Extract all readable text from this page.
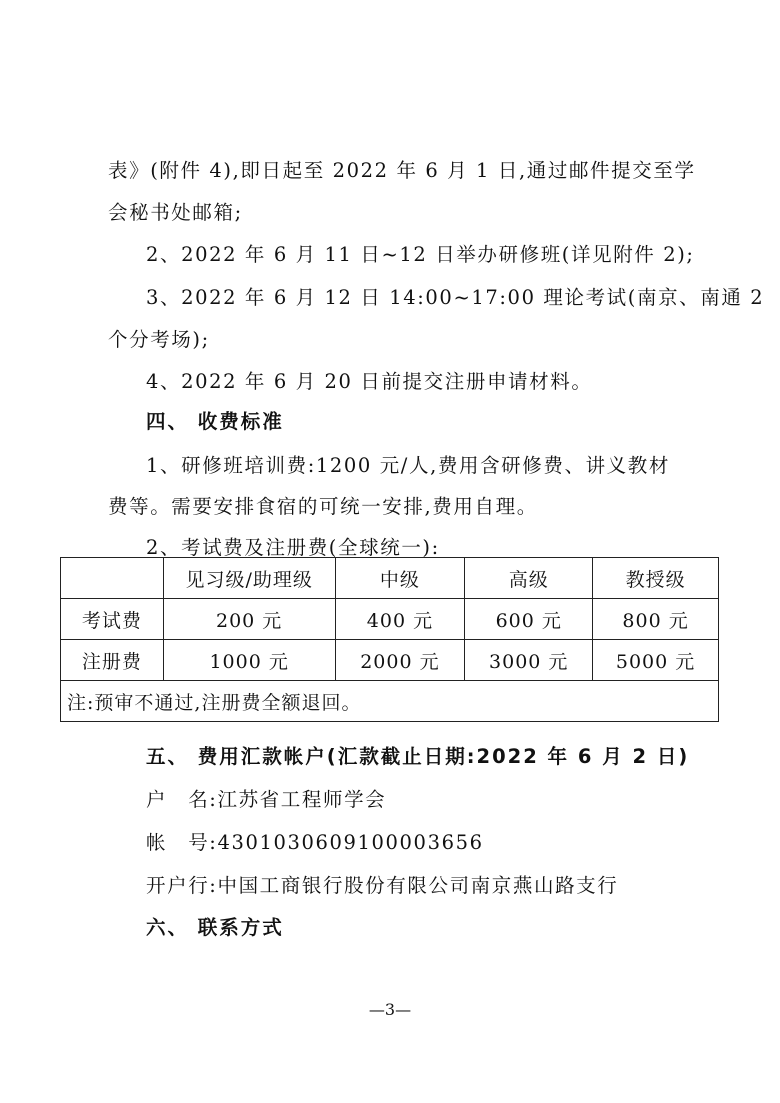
表》(附件 4),即日起至 2022 年 6 月 1 日,通过邮件提交至学
会秘书处邮箱;
2、2022 年 6 月 11 日~12 日举办研修班(详见附件 2);
3、2022 年 6 月 12 日 14:00~17:00 理论考试(南京、南通 2
个分考场);
4、2022 年 6 月 20 日前提交注册申请材料。
四、 收费标准
1、研修班培训费:1200 元/人,费用含研修费、讲义教材
费等。需要安排食宿的可统一安排,费用自理。
2、考试费及注册费(全球统一):
	见习级/助理级	中级	高级	教授级
考试费	200 元	400 元	600 元	800 元
注册费	1000 元	2000 元	3000 元	5000 元
注:预审不通过,注册费全额退回。				
五、 费用汇款帐户(汇款截止日期:2022 年 6 月 2 日)
户　名:江苏省工程师学会
帐　号:4301030609100003656
开户行:中国工商银行股份有限公司南京燕山路支行
六、 联系方式
—3—
